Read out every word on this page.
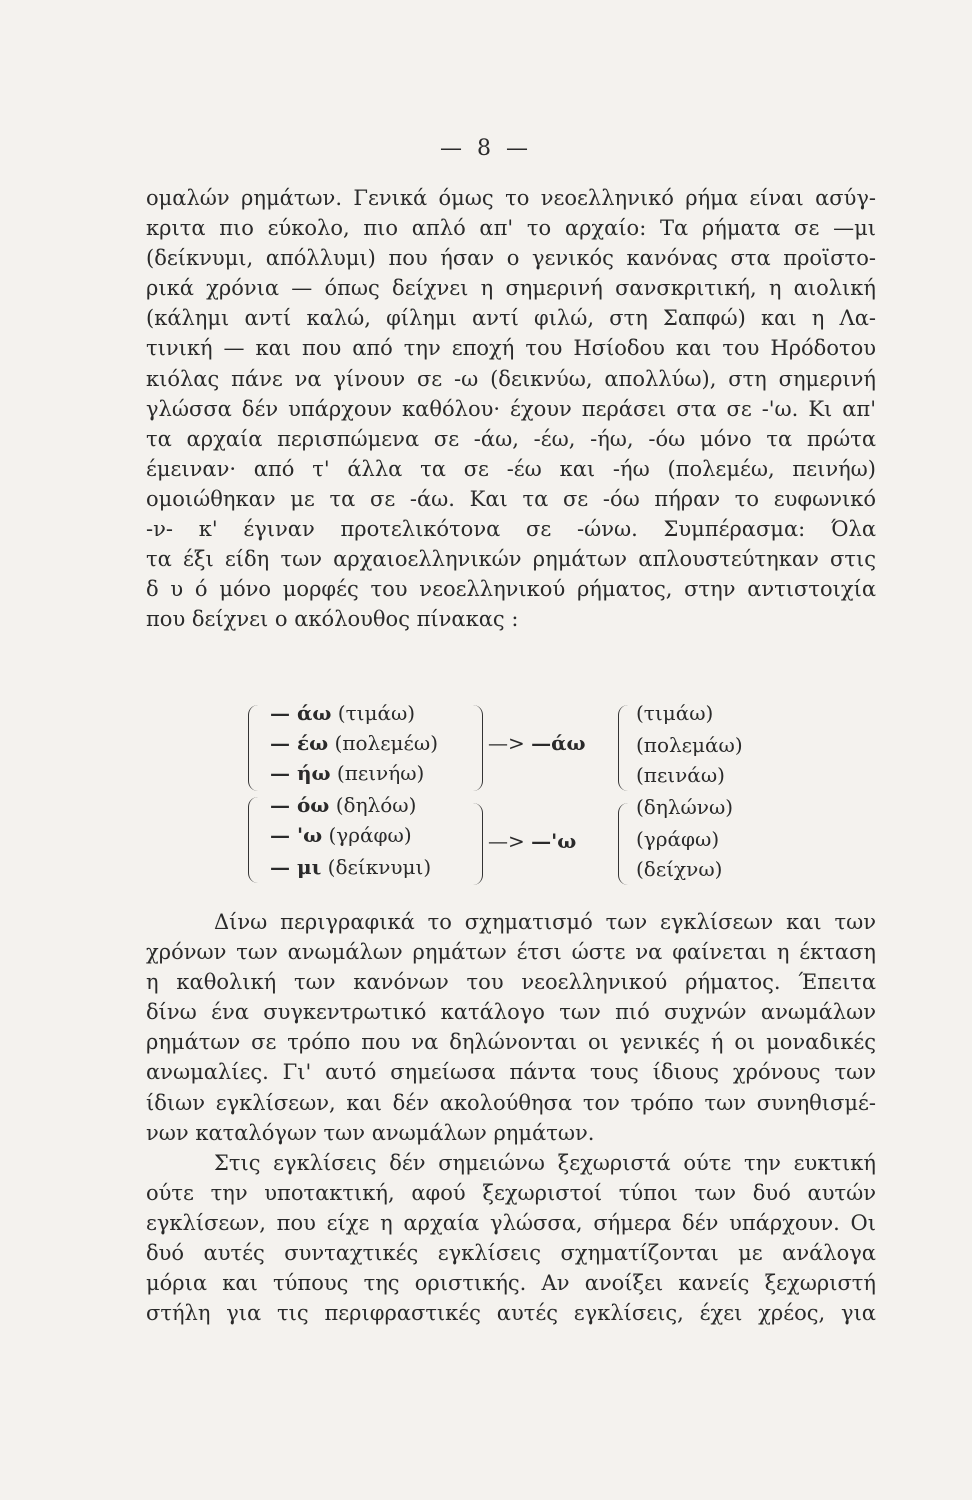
— 8 —
ομαλών ρημάτων. Γενικά όμως το νεοελληνικό ρήμα είναι ασύγ-
κριτα πιο εύκολο, πιο απλό απ' το αρχαίο: Τα ρήματα σε —μι
(δείκνυμι, απόλλυμι) που ήσαν ο γενικός κανόνας στα προϊστο-
ρικά χρόνια — όπως δείχνει η σημερινή σανσκριτική, η αιολική
(κάλημι αντί καλώ, φίλημι αντί φιλώ, στη Σαπφώ) και η Λα-
τινική — και που από την εποχή του Ησίοδου και του Ηρόδοτου
κιόλας πάνε να γίνουν σε -ω (δεικνύω, απολλύω), στη σημερινή
γλώσσα δέν υπάρχουν καθόλου· έχουν περάσει στα σε -'ω. Κι απ'
τα αρχαία περισπώμενα σε -άω, -έω, -ήω, -όω μόνο τα πρώτα
έμειναν· από τ' άλλα τα σε -έω και -ήω (πολεμέω, πεινήω)
ομοιώθηκαν με τα σε -άω. Και τα σε -όω πήραν το ευφωνικό
-ν- κ' έγιναν προτελικότονα σε -ώνω. Συμπέρασμα: Όλα
τα έξι είδη των αρχαιοελληνικών ρημάτων απλουστεύτηκαν στις
δ υ ό μόνο μορφές του νεοελληνικού ρήματος, στην αντιστοιχία
που δείχνει ο ακόλουθος πίνακας :
— άω (τιμάω)
— έω (πολεμέω)
— ήω (πεινήω)
— όω (δηλόω)
— 'ω (γράφω)
— μι (δείκνυμι)
—> —άω
—> —'ω
(τιμάω)
(πολεμάω)
(πεινάω)
(δηλώνω)
(γράφω)
(δείχνω)
Δίνω περιγραφικά το σχηματισμό των εγκλίσεων και των
χρόνων των ανωμάλων ρημάτων έτσι ώστε να φαίνεται η έκταση
η καθολική των κανόνων του νεοελληνικού ρήματος. Έπειτα
δίνω ένα συγκεντρωτικό κατάλογο των πιό συχνών ανωμάλων
ρημάτων σε τρόπο που να δηλώνονται οι γενικές ή οι μοναδικές
ανωμαλίες. Γι' αυτό σημείωσα πάντα τους ίδιους χρόνους των
ίδιων εγκλίσεων, και δέν ακολούθησα τον τρόπο των συνηθισμέ-
νων καταλόγων των ανωμάλων ρημάτων.
Στις εγκλίσεις δέν σημειώνω ξεχωριστά ούτε την ευκτική
ούτε την υποτακτική, αφού ξεχωριστοί τύποι των δυό αυτών
εγκλίσεων, που είχε η αρχαία γλώσσα, σήμερα δέν υπάρχουν. Οι
δυό αυτές συνταχτικές εγκλίσεις σχηματίζονται με ανάλογα
μόρια και τύπους της οριστικής. Αν ανοίξει κανείς ξεχωριστή
στήλη για τις περιφραστικές αυτές εγκλίσεις, έχει χρέος, για
